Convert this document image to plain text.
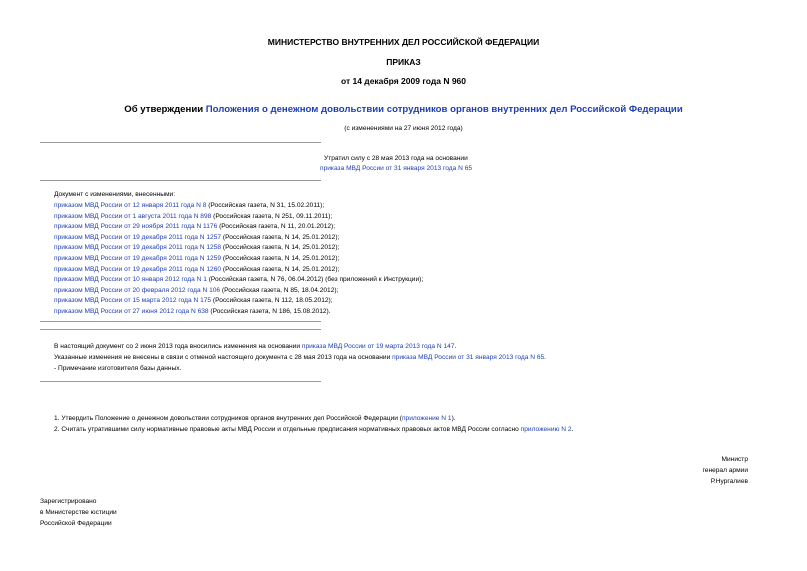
МИНИСТЕРСТВО ВНУТРЕННИХ ДЕЛ РОССИЙСКОЙ ФЕДЕРАЦИИ
ПРИКАЗ
от 14 декабря 2009 года N 960
Об утверждении Положения о денежном довольствии сотрудников органов внутренних дел Российской Федерации
(с изменениями на 27 июня 2012 года)
Утратил силу с 28 мая 2013 года на основании
приказа МВД России от 31 января 2013 года N 65
Документ с изменениями, внесенными:
приказом МВД России от 12 января 2011 года N 8 (Российская газета, N 31, 15.02.2011);
приказом МВД России от 1 августа 2011 года N 898 (Российская газета, N 251, 09.11.2011);
приказом МВД России от 29 ноября 2011 года N 1176 (Российская газета, N 11, 20.01.2012);
приказом МВД России от 19 декабря 2011 года N 1257 (Российская газета, N 14, 25.01.2012);
приказом МВД России от 19 декабря 2011 года N 1258 (Российская газета, N 14, 25.01.2012);
приказом МВД России от 19 декабря 2011 года N 1259 (Российская газета, N 14, 25.01.2012);
приказом МВД России от 19 декабря 2011 года N 1260 (Российская газета, N 14, 25.01.2012);
приказом МВД России от 10 января 2012 года N 1 (Российская газета, N 76, 06.04.2012) (без приложений к Инструкции);
приказом МВД России от 20 февраля 2012 года N 106 (Российская газета, N 85, 18.04.2012);
приказом МВД России от 15 марта 2012 года N 175 (Российская газета, N 112, 18.05.2012);
приказом МВД России от 27 июня 2012 года N 638 (Российская газета, N 186, 15.08.2012).
В настоящий документ со 2 июня 2013 года вносились изменения на основании приказа МВД России от 19 марта 2013 года N 147.
Указанные изменения не внесены в связи с отменой настоящего документа с 28 мая 2013 года на основании приказа МВД России от 31 января 2013 года N 65.
- Примечание изготовителя базы данных.
1. Утвердить Положение о денежном довольствии сотрудников органов внутренних дел Российской Федерации (приложение N 1).
2. Считать утратившими силу нормативные правовые акты МВД России и отдельные предписания нормативных правовых актов МВД России согласно приложению N 2.
Министр
генерал армии
Р.Нургалиев
Зарегистрировано
в Министерстве юстиции
Российской Федерации
